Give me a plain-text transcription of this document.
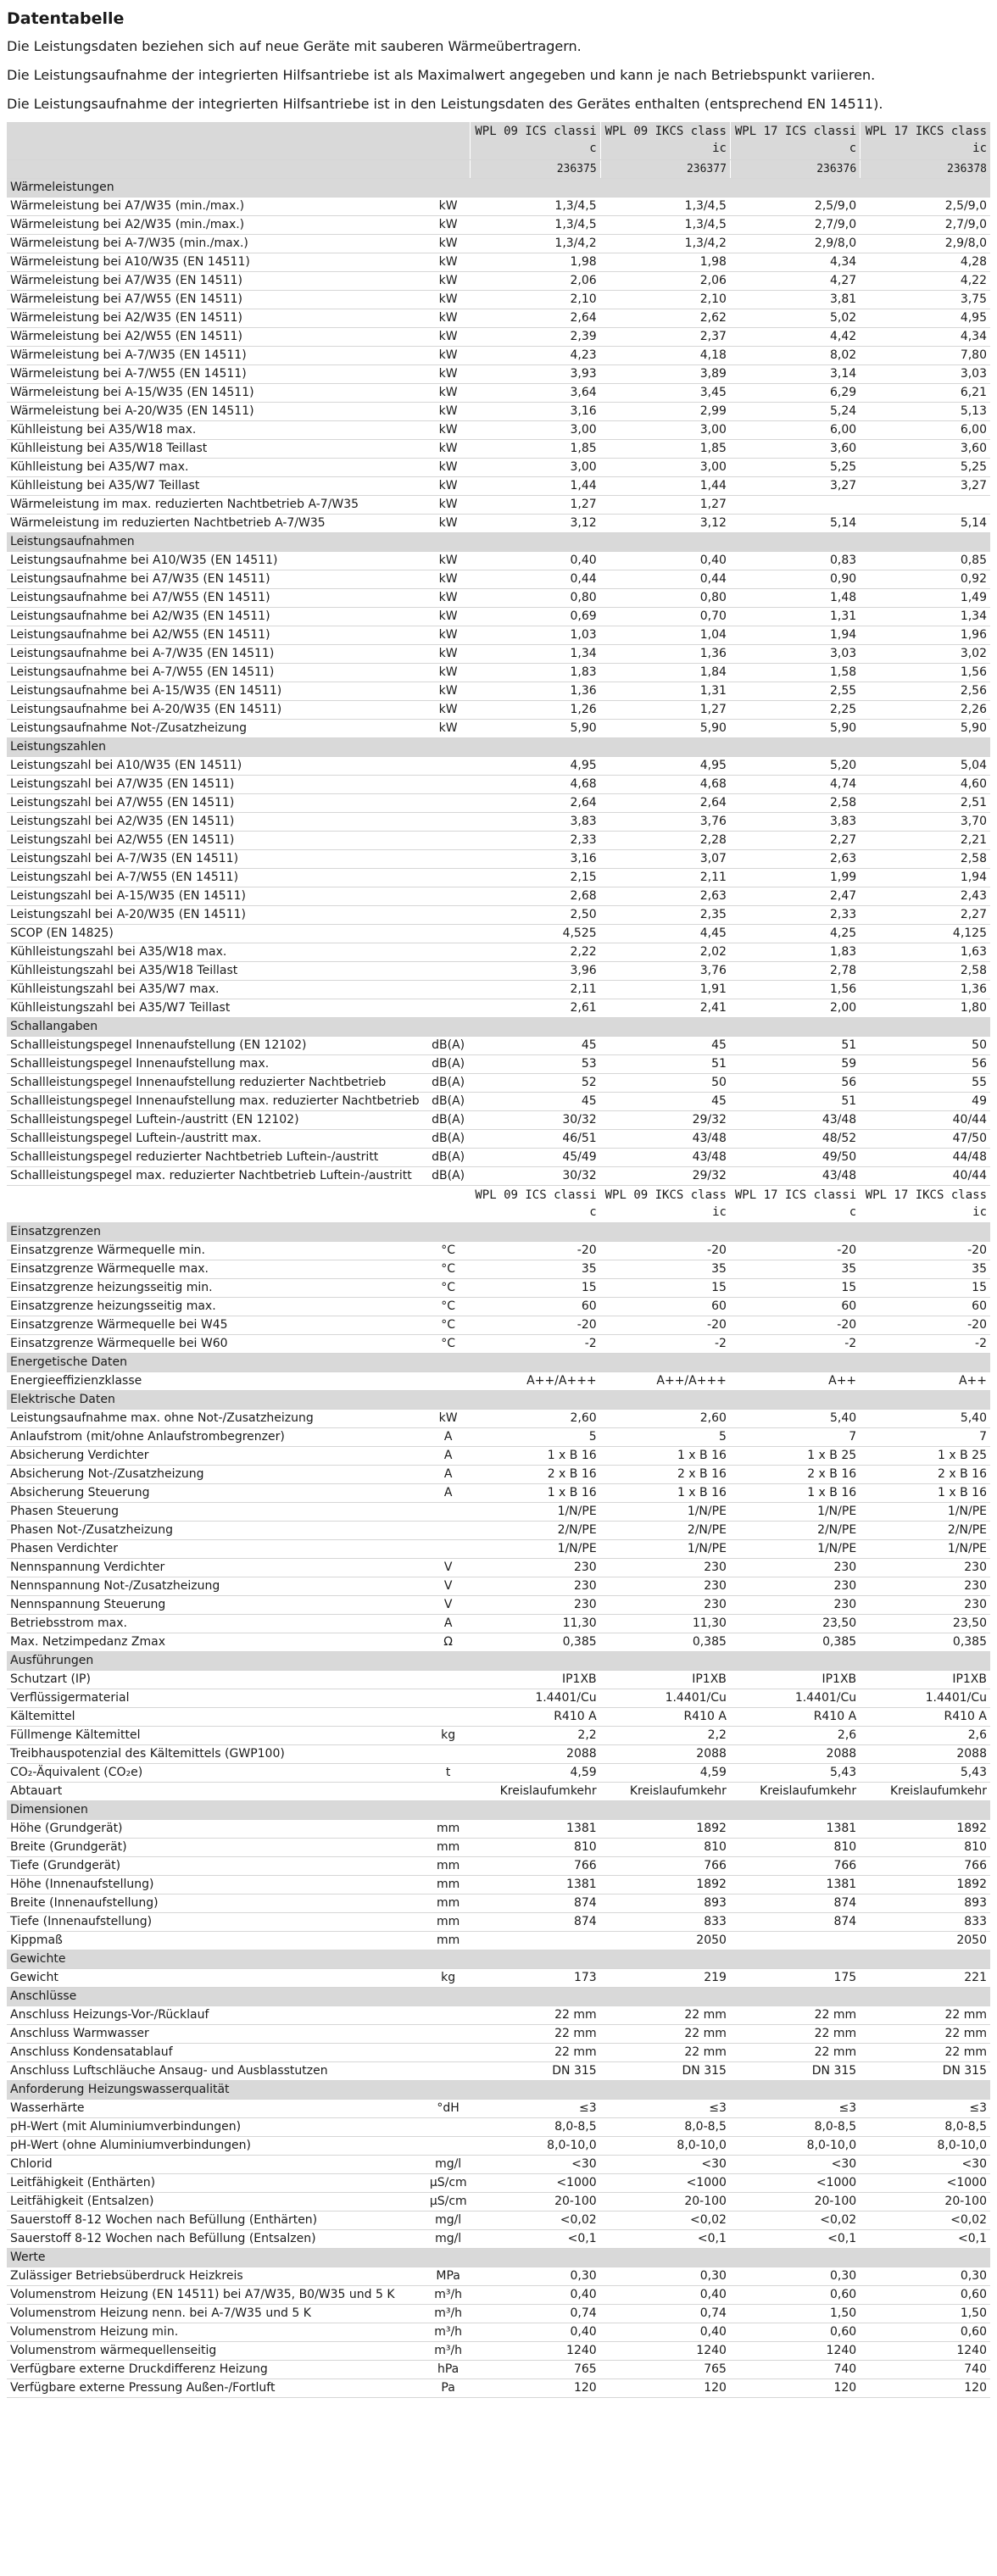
Datentabelle

Die Leistungsdaten beziehen sich auf neue Geräte mit sauberen Wärmeübertragern.

Die Leistungsaufnahme der integrierten Hilfsantriebe ist als Maximalwert angegeben und kann je nach Betriebspunkt variieren.

Die Leistungsaufnahme der integrierten Hilfsantriebe ist in den Leistungsdaten des Gerätes enthalten (entsprechend EN 14511).

		WPL 09 ICS classic	WPL 09 IKCS classic	WPL 17 ICS classic	WPL 17 IKCS classic
		236375	236377	236376	236378
Wärmeleistungen					
Wärmeleistung bei A7/W35 (min./max.)	kW	1,3/4,5	1,3/4,5	2,5/9,0	2,5/9,0
Wärmeleistung bei A2/W35 (min./max.)	kW	1,3/4,5	1,3/4,5	2,7/9,0	2,7/9,0
Wärmeleistung bei A-7/W35 (min./max.)	kW	1,3/4,2	1,3/4,2	2,9/8,0	2,9/8,0
Wärmeleistung bei A10/W35 (EN 14511)	kW	1,98	1,98	4,34	4,28
Wärmeleistung bei A7/W35 (EN 14511)	kW	2,06	2,06	4,27	4,22
Wärmeleistung bei A7/W55 (EN 14511)	kW	2,10	2,10	3,81	3,75
Wärmeleistung bei A2/W35 (EN 14511)	kW	2,64	2,62	5,02	4,95
Wärmeleistung bei A2/W55 (EN 14511)	kW	2,39	2,37	4,42	4,34
Wärmeleistung bei A-7/W35 (EN 14511)	kW	4,23	4,18	8,02	7,80
Wärmeleistung bei A-7/W55 (EN 14511)	kW	3,93	3,89	3,14	3,03
Wärmeleistung bei A-15/W35 (EN 14511)	kW	3,64	3,45	6,29	6,21
Wärmeleistung bei A-20/W35 (EN 14511)	kW	3,16	2,99	5,24	5,13
Kühlleistung bei A35/W18 max.	kW	3,00	3,00	6,00	6,00
Kühlleistung bei A35/W18 Teillast	kW	1,85	1,85	3,60	3,60
Kühlleistung bei A35/W7 max.	kW	3,00	3,00	5,25	5,25
Kühlleistung bei A35/W7 Teillast	kW	1,44	1,44	3,27	3,27
Wärmeleistung im max. reduzierten Nachtbetrieb A-7/W35	kW	1,27	1,27		
Wärmeleistung im reduzierten Nachtbetrieb A-7/W35	kW	3,12	3,12	5,14	5,14
Leistungsaufnahmen					
Leistungsaufnahme bei A10/W35 (EN 14511)	kW	0,40	0,40	0,83	0,85
Leistungsaufnahme bei A7/W35 (EN 14511)	kW	0,44	0,44	0,90	0,92
Leistungsaufnahme bei A7/W55 (EN 14511)	kW	0,80	0,80	1,48	1,49
Leistungsaufnahme bei A2/W35 (EN 14511)	kW	0,69	0,70	1,31	1,34
Leistungsaufnahme bei A2/W55 (EN 14511)	kW	1,03	1,04	1,94	1,96
Leistungsaufnahme bei A-7/W35 (EN 14511)	kW	1,34	1,36	3,03	3,02
Leistungsaufnahme bei A-7/W55 (EN 14511)	kW	1,83	1,84	1,58	1,56
Leistungsaufnahme bei A-15/W35 (EN 14511)	kW	1,36	1,31	2,55	2,56
Leistungsaufnahme bei A-20/W35 (EN 14511)	kW	1,26	1,27	2,25	2,26
Leistungsaufnahme Not-/Zusatzheizung	kW	5,90	5,90	5,90	5,90
Leistungszahlen					
Leistungszahl bei A10/W35 (EN 14511)		4,95	4,95	5,20	5,04
Leistungszahl bei A7/W35 (EN 14511)		4,68	4,68	4,74	4,60
Leistungszahl bei A7/W55 (EN 14511)		2,64	2,64	2,58	2,51
Leistungszahl bei A2/W35 (EN 14511)		3,83	3,76	3,83	3,70
Leistungszahl bei A2/W55 (EN 14511)		2,33	2,28	2,27	2,21
Leistungszahl bei A-7/W35 (EN 14511)		3,16	3,07	2,63	2,58
Leistungszahl bei A-7/W55 (EN 14511)		2,15	2,11	1,99	1,94
Leistungszahl bei A-15/W35 (EN 14511)		2,68	2,63	2,47	2,43
Leistungszahl bei A-20/W35 (EN 14511)		2,50	2,35	2,33	2,27
SCOP (EN 14825)		4,525	4,45	4,25	4,125
Kühlleistungszahl bei A35/W18 max.		2,22	2,02	1,83	1,63
Kühlleistungszahl bei A35/W18 Teillast		3,96	3,76	2,78	2,58
Kühlleistungszahl bei A35/W7 max.		2,11	1,91	1,56	1,36
Kühlleistungszahl bei A35/W7 Teillast		2,61	2,41	2,00	1,80
Schallangaben					
Schallleistungspegel Innenaufstellung (EN 12102)	dB(A)	45	45	51	50
Schallleistungspegel Innenaufstellung max.	dB(A)	53	51	59	56
Schallleistungspegel Innenaufstellung reduzierter Nachtbetrieb	dB(A)	52	50	56	55
Schallleistungspegel Innenaufstellung max. reduzierter Nachtbetrieb	dB(A)	45	45	51	49
Schallleistungspegel Luftein-/austritt (EN 12102)	dB(A)	30/32	29/32	43/48	40/44
Schallleistungspegel Luftein-/austritt max.	dB(A)	46/51	43/48	48/52	47/50
Schallleistungspegel reduzierter Nachtbetrieb Luftein-/austritt	dB(A)	45/49	43/48	49/50	44/48
Schallleistungspegel max. reduzierter Nachtbetrieb Luftein-/austritt	dB(A)	30/32	29/32	43/48	40/44
		WPL 09 ICS classic	WPL 09 IKCS classic	WPL 17 ICS classic	WPL 17 IKCS classic
Einsatzgrenzen					
Einsatzgrenze Wärmequelle min.	°C	-20	-20	-20	-20
Einsatzgrenze Wärmequelle max.	°C	35	35	35	35
Einsatzgrenze heizungsseitig min.	°C	15	15	15	15
Einsatzgrenze heizungsseitig max.	°C	60	60	60	60
Einsatzgrenze Wärmequelle bei W45	°C	-20	-20	-20	-20
Einsatzgrenze Wärmequelle bei W60	°C	-2	-2	-2	-2
Energetische Daten					
Energieeffizienzklasse		A++/A+++	A++/A+++	A++	A++
Elektrische Daten					
Leistungsaufnahme max. ohne Not-/Zusatzheizung	kW	2,60	2,60	5,40	5,40
Anlaufstrom (mit/ohne Anlaufstrombegrenzer)	A	5	5	7	7
Absicherung Verdichter	A	1 x B 16	1 x B 16	1 x B 25	1 x B 25
Absicherung Not-/Zusatzheizung	A	2 x B 16	2 x B 16	2 x B 16	2 x B 16
Absicherung Steuerung	A	1 x B 16	1 x B 16	1 x B 16	1 x B 16
Phasen Steuerung		1/N/PE	1/N/PE	1/N/PE	1/N/PE
Phasen Not-/Zusatzheizung		2/N/PE	2/N/PE	2/N/PE	2/N/PE
Phasen Verdichter		1/N/PE	1/N/PE	1/N/PE	1/N/PE
Nennspannung Verdichter	V	230	230	230	230
Nennspannung Not-/Zusatzheizung	V	230	230	230	230
Nennspannung Steuerung	V	230	230	230	230
Betriebsstrom max.	A	11,30	11,30	23,50	23,50
Max. Netzimpedanz Zmax	Ω	0,385	0,385	0,385	0,385
Ausführungen					
Schutzart (IP)		IP1XB	IP1XB	IP1XB	IP1XB
Verflüssigermaterial		1.4401/Cu	1.4401/Cu	1.4401/Cu	1.4401/Cu
Kältemittel		R410 A	R410 A	R410 A	R410 A
Füllmenge Kältemittel	kg	2,2	2,2	2,6	2,6
Treibhauspotenzial des Kältemittels (GWP100)		2088	2088	2088	2088
CO₂-Äquivalent (CO₂e)	t	4,59	4,59	5,43	5,43
Abtauart		Kreislaufumkehr	Kreislaufumkehr	Kreislaufumkehr	Kreislaufumkehr
Dimensionen					
Höhe (Grundgerät)	mm	1381	1892	1381	1892
Breite (Grundgerät)	mm	810	810	810	810
Tiefe (Grundgerät)	mm	766	766	766	766
Höhe (Innenaufstellung)	mm	1381	1892	1381	1892
Breite (Innenaufstellung)	mm	874	893	874	893
Tiefe (Innenaufstellung)	mm	874	833	874	833
Kippmaß	mm		2050		2050
Gewichte					
Gewicht	kg	173	219	175	221
Anschlüsse					
Anschluss Heizungs-Vor-/Rücklauf		22 mm	22 mm	22 mm	22 mm
Anschluss Warmwasser		22 mm	22 mm	22 mm	22 mm
Anschluss Kondensatablauf		22 mm	22 mm	22 mm	22 mm
Anschluss Luftschläuche Ansaug- und Ausblasstutzen		DN 315	DN 315	DN 315	DN 315
Anforderung Heizungswasserqualität					
Wasserhärte	°dH	≤3	≤3	≤3	≤3
pH-Wert (mit Aluminiumverbindungen)		8,0-8,5	8,0-8,5	8,0-8,5	8,0-8,5
pH-Wert (ohne Aluminiumverbindungen)		8,0-10,0	8,0-10,0	8,0-10,0	8,0-10,0
Chlorid	mg/l	<30	<30	<30	<30
Leitfähigkeit (Enthärten)	µS/cm	<1000	<1000	<1000	<1000
Leitfähigkeit (Entsalzen)	µS/cm	20-100	20-100	20-100	20-100
Sauerstoff 8-12 Wochen nach Befüllung (Enthärten)	mg/l	<0,02	<0,02	<0,02	<0,02
Sauerstoff 8-12 Wochen nach Befüllung (Entsalzen)	mg/l	<0,1	<0,1	<0,1	<0,1
Werte					
Zulässiger Betriebsüberdruck Heizkreis	MPa	0,30	0,30	0,30	0,30
Volumenstrom Heizung (EN 14511) bei A7/W35, B0/W35 und 5 K	m³/h	0,40	0,40	0,60	0,60
Volumenstrom Heizung nenn. bei A-7/W35 und 5 K	m³/h	0,74	0,74	1,50	1,50
Volumenstrom Heizung min.	m³/h	0,40	0,40	0,60	0,60
Volumenstrom wärmequellenseitig	m³/h	1240	1240	1240	1240
Verfügbare externe Druckdifferenz Heizung	hPa	765	765	740	740
Verfügbare externe Pressung Außen-/Fortluft	Pa	120	120	120	120
